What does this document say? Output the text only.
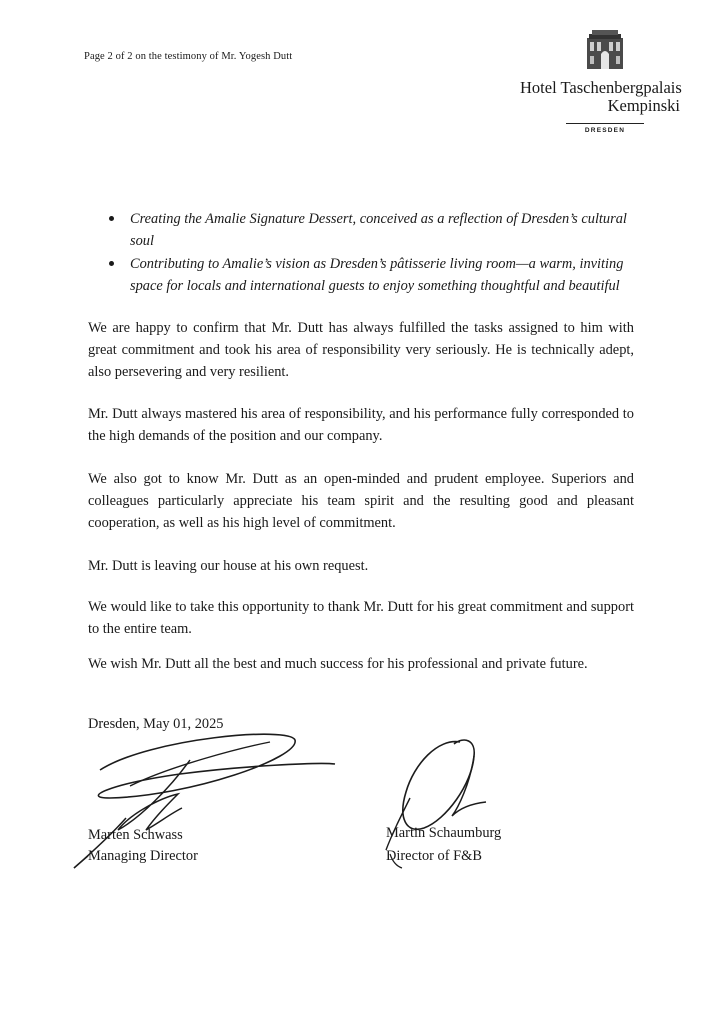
Page 2 of 2 on the testimony of Mr. Yogesh Dutt
Hotel Taschenbergpalais
Kempinski
DRESDEN
Creating the Amalie Signature Dessert, conceived as a reflection of Dresden’s cultural soul
Contributing to Amalie’s vision as Dresden’s pâtisserie living room—a warm, inviting space for locals and international guests to enjoy something thoughtful and beautiful

We are happy to confirm that Mr. Dutt has always fulfilled the tasks assigned to him with great commitment and took his area of responsibility very seriously. He is technically adept, also persevering and very resilient.

Mr. Dutt always mastered his area of responsibility, and his performance fully corresponded to the high demands of the position and our company.

We also got to know Mr. Dutt as an open-minded and prudent employee. Superiors and colleagues particularly appreciate his team spirit and the resulting good and pleasant cooperation, as well as his high level of commitment.

Mr. Dutt is leaving our house at his own request.

We would like to take this opportunity to thank Mr. Dutt for his great commitment and support to the entire team.

We wish Mr. Dutt all the best and much success for his professional and private future.

Dresden, May 01, 2025
Marten Schwass
Managing Director
Martin Schaumburg
Director of F&B
